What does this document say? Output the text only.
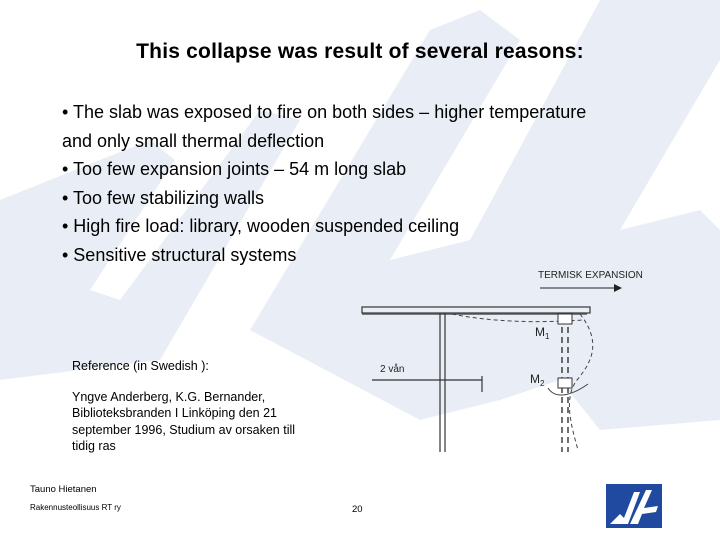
This collapse was result of several reasons:
• The slab was exposed to fire on both sides – higher temperature
and only small thermal deflection
• Too few expansion joints – 54 m long slab
• Too few stabilizing walls
• High fire load: library, wooden suspended ceiling
• Sensitive structural systems
TERMISK EXPANSION
$M_1$
$M_2$
2 vån
Reference (in Swedish ):
Yngve Anderberg, K.G. Bernander,
Biblioteksbranden I Linköping den 21
september 1996, Studium av orsaken till
tidig ras
Tauno Hietanen
Rakennusteollisuus RT ry	20
